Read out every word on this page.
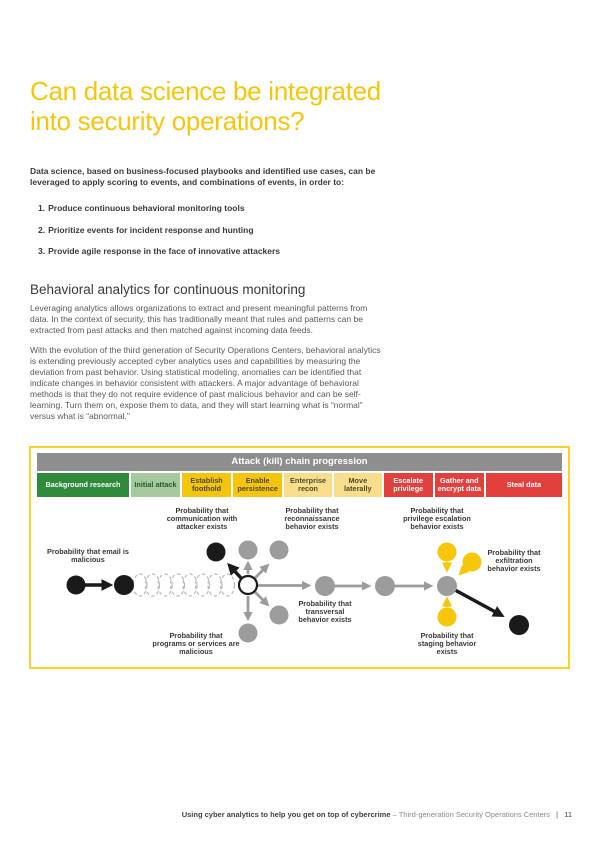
Can data science be integrated
into security operations?

Data science, based on business-focused playbooks and identified use cases, can be leveraged to apply scoring to events, and combinations of events, in order to:

1. Produce continuous behavioral monitoring tools
2. Prioritize events for incident response and hunting
3. Provide agile response in the face of innovative attackers
Behavioral analytics for continuous monitoring

Leveraging analytics allows organizations to extract and present meaningful patterns from data. In the context of security, this has traditionally meant that rules and patterns can be extracted from past attacks and then matched against incoming data feeds.

With the evolution of the third generation of Security Operations Centers, behavioral analytics is extending previously accepted cyber analytics uses and capabilities by measuring the deviation from past behavior. Using statistical modeling, anomalies can be identified that indicate changes in behavior consistent with attackers. A major advantage of behavioral methods is that they do not require evidence of past malicious behavior and can be self-learning. Turn them on, expose them to data, and they will start learning what is “normal” versus what is “abnormal.”

Attack (kill) chain progression
Background research	Initial attack	Establish foothold
Enable persistence
Enterprise recon
Move laterally
Escalate privilege
Gather and encrypt data	Steal data
Probability that email is malicious
Probability that communication with attacker exists
Probability that reconnaissance behavior exists
Probability that privilege escalation behavior exists
Probability that exfiltration behavior exists
Probability that transversal behavior exists
Probability that programs or services are malicious
Probability that staging behavior exists
Using cyber analytics to help you get on top of cybercrime – Third-generation Security Operations Centers | 11
